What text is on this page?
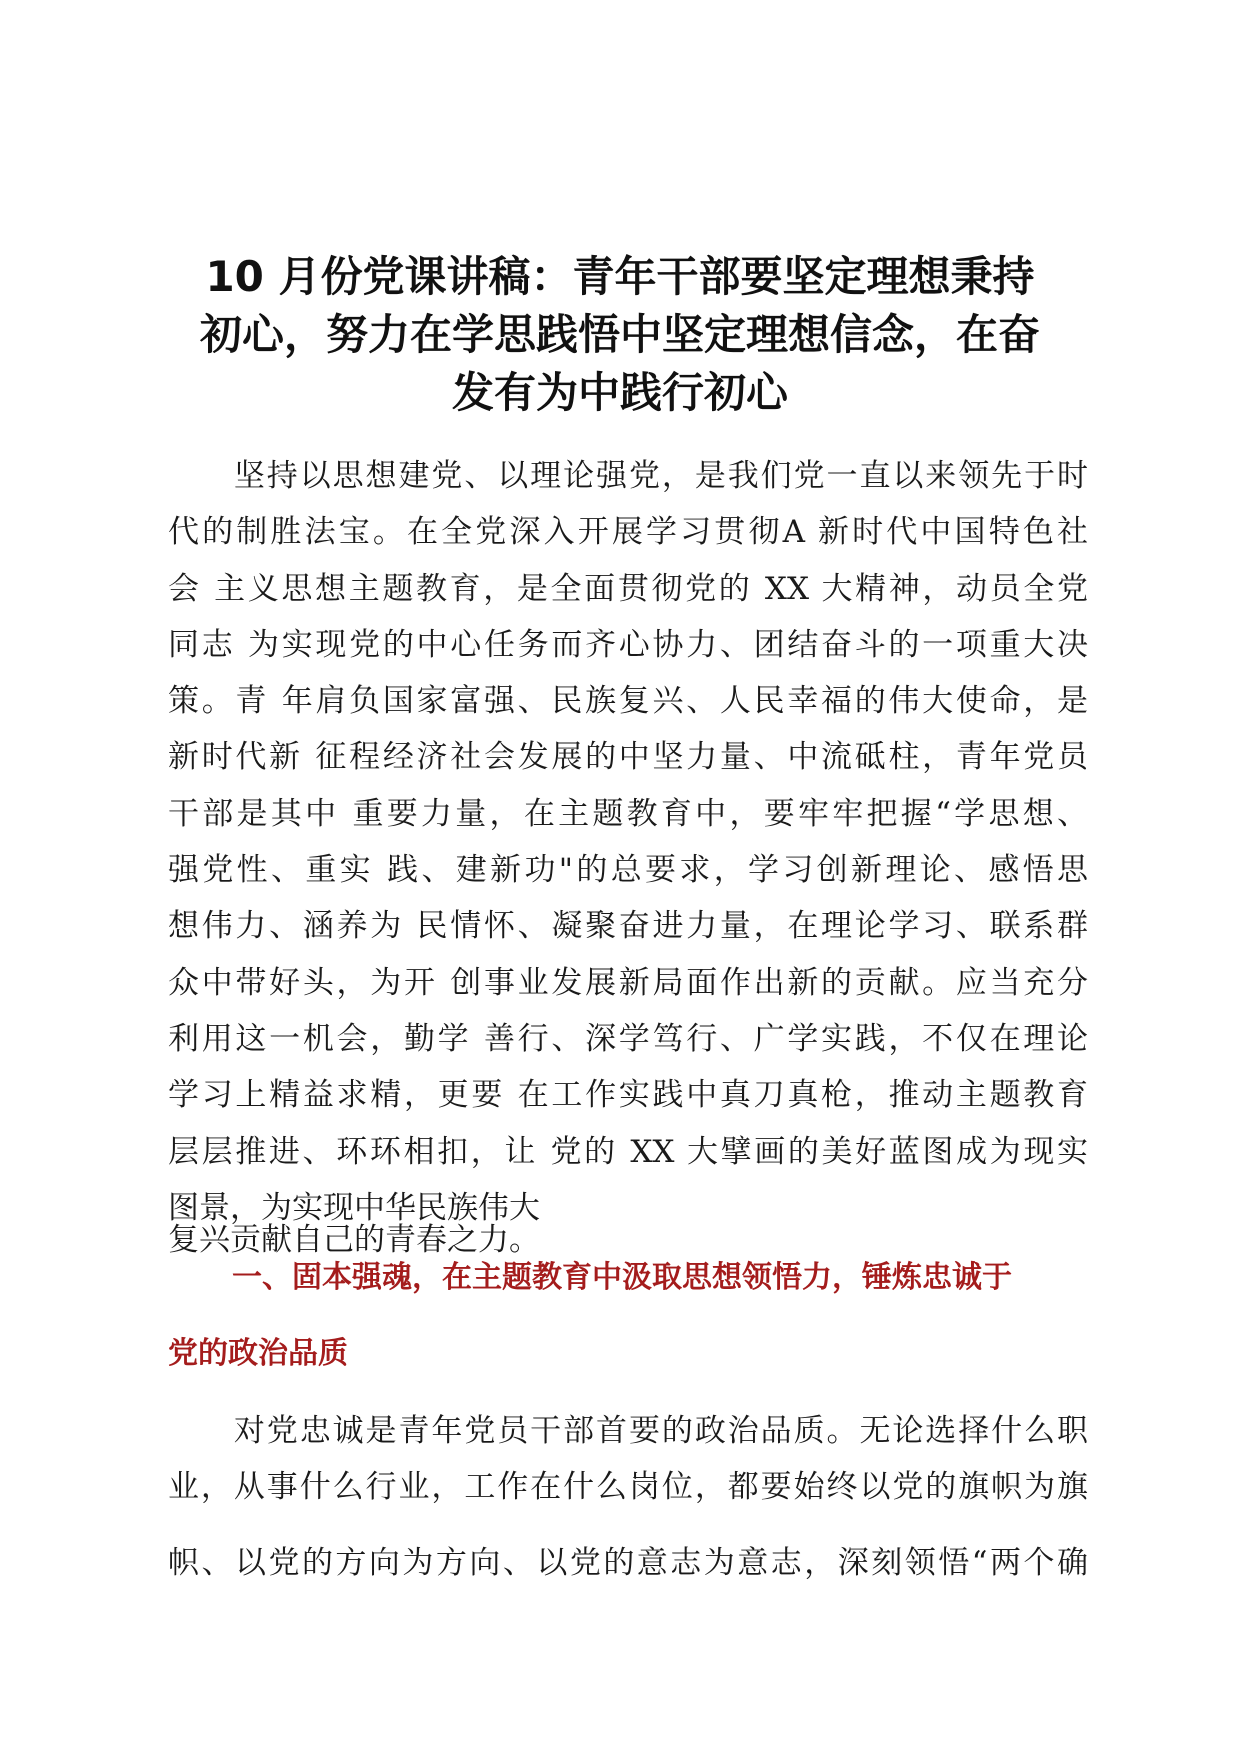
10 月份党课讲稿：青年干部要坚定理想秉持
初心，努力在学思践悟中坚定理想信念，在奋
发有为中践行初心
　　坚持以思想建党、以理论强党，是我们党一直以来领先于时
代的制胜法宝。在全党深入开展学习贯彻A 新时代中国特色社
会 主义思想主题教育，是全面贯彻党的 XX 大精神，动员全党
同志 为实现党的中心任务而齐心协力、团结奋斗的一项重大决
策。青 年肩负国家富强、民族复兴、人民幸福的伟大使命，是
新时代新 征程经济社会发展的中坚力量、中流砥柱，青年党员
干部是其中 重要力量，在主题教育中，要牢牢把握“学思想、
强党性、重实 践、建新功"的总要求，学习创新理论、感悟思
想伟力、涵养为 民情怀、凝聚奋进力量，在理论学习、联系群
众中带好头，为开 创事业发展新局面作出新的贡献。应当充分
利用这一机会，勤学 善行、深学笃行、广学实践，不仅在理论
学习上精益求精，更要 在工作实践中真刀真枪，推动主题教育
层层推进、环环相扣，让 党的 XX 大擘画的美好蓝图成为现实
图景，为实现中华民族伟大
复兴贡献自己的青春之力。
一、固本强魂，在主题教育中汲取思想领悟力，锤炼忠诚于
党的政治品质
　　对党忠诚是青年党员干部首要的政治品质。无论选择什么职
业，从事什么行业，工作在什么岗位，都要始终以党的旗帜为旗
帜、以党的方向为方向、以党的意志为意志，深刻领悟“两个确
